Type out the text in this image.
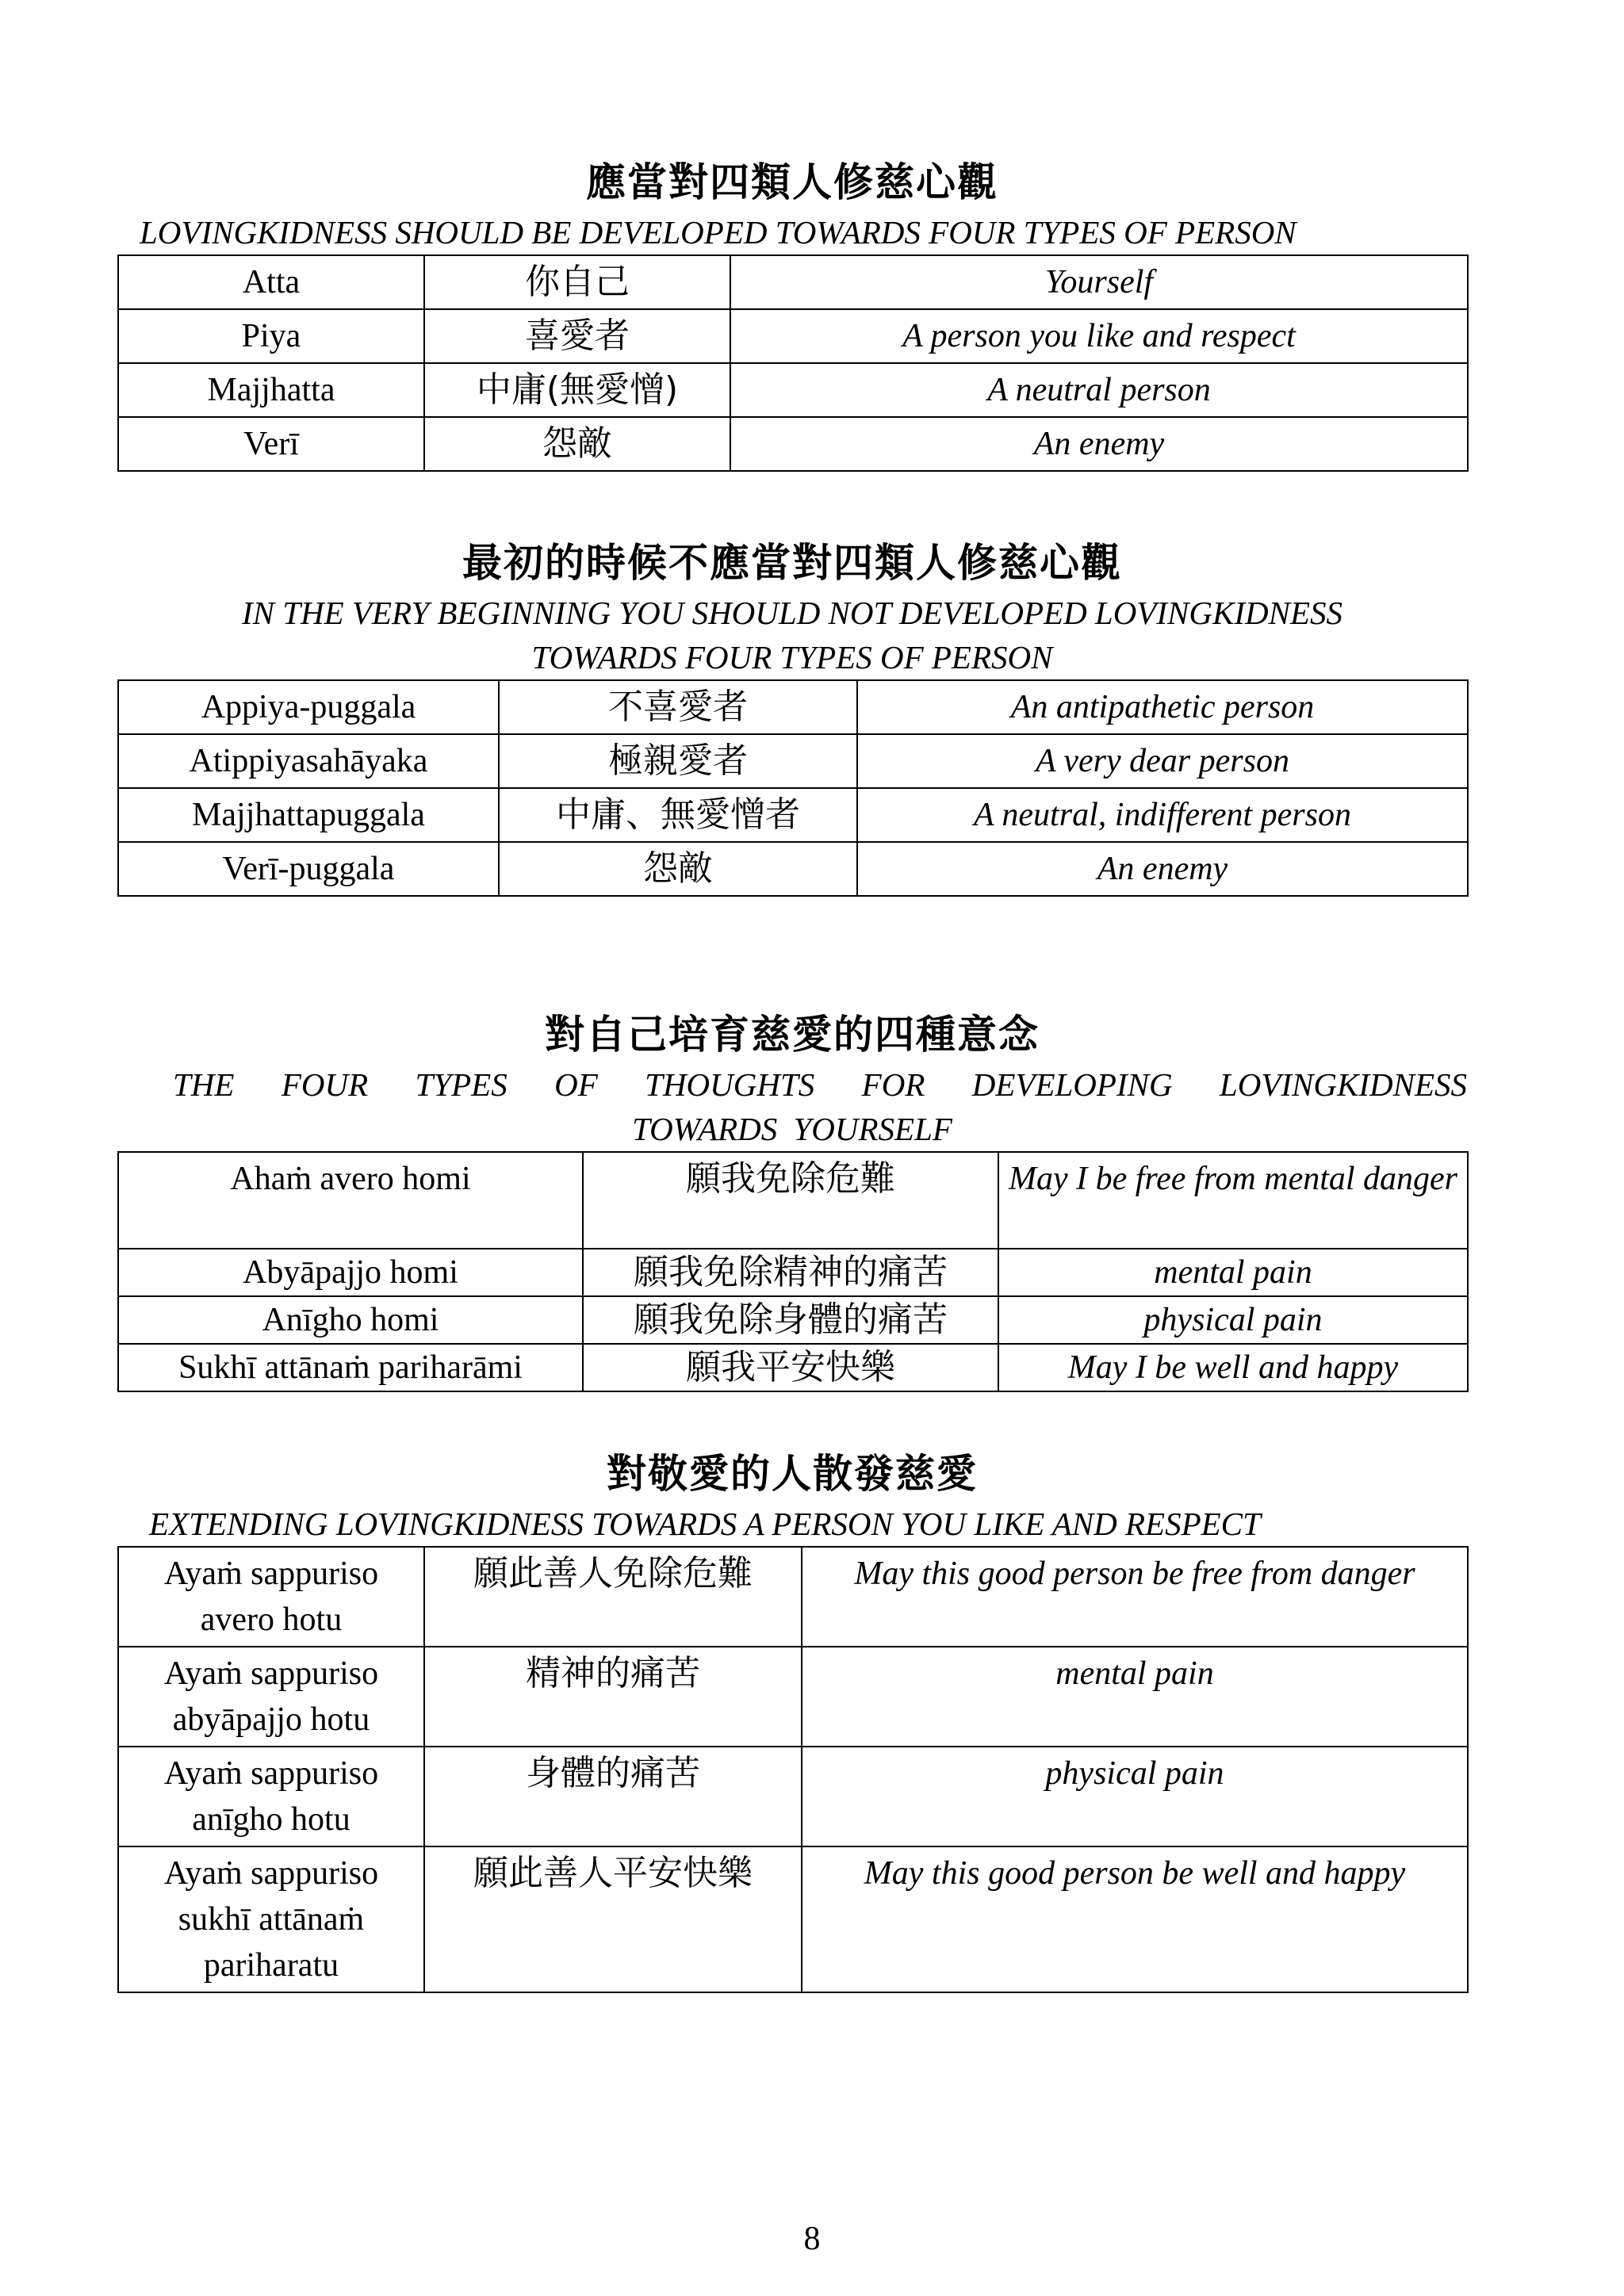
應當對四類人修慈心觀
LOVINGKIDNESS SHOULD BE DEVELOPED TOWARDS FOUR TYPES OF PERSON
Atta	你自己	Yourself
Piya	喜愛者	A person you like and respect
Majjhatta	中庸(無愛憎)	A neutral person
Verī	怨敵	An enemy
最初的時候不應當對四類人修慈心觀
IN THE VERY BEGINNING YOU SHOULD NOT DEVELOPED LOVINGKIDNESS
TOWARDS FOUR TYPES OF PERSON
Appiya-puggala	不喜愛者	An antipathetic person
Atippiyasahāyaka	極親愛者	A very dear person
Majjhattapuggala	中庸、無愛憎者	A neutral, indifferent person
Verī-puggala	怨敵	An enemy
對自己培育慈愛的四種意念
THE FOUR TYPES OF THOUGHTS FOR DEVELOPING LOVINGKIDNESS
TOWARDS YOURSELF
Ahaṁ avero homi	願我免除危難	May I be free from mental danger
Abyāpajjo homi	願我免除精神的痛苦	mental pain
Anīgho homi	願我免除身體的痛苦	physical pain
Sukhī attānaṁ pariharāmi	願我平安快樂	May I be well and happy
對敬愛的人散發慈愛
EXTENDING LOVINGKIDNESS TOWARDS A PERSON YOU LIKE AND RESPECT
Ayaṁ sappuriso avero hotu	願此善人免除危難	May this good person be free from danger
Ayaṁ sappuriso abyāpajjo hotu	精神的痛苦	mental pain
Ayaṁ sappuriso anīgho hotu	身體的痛苦	physical pain
Ayaṁ sappuriso sukhī attānaṁ pariharatu	願此善人平安快樂	May this good person be well and happy
8
